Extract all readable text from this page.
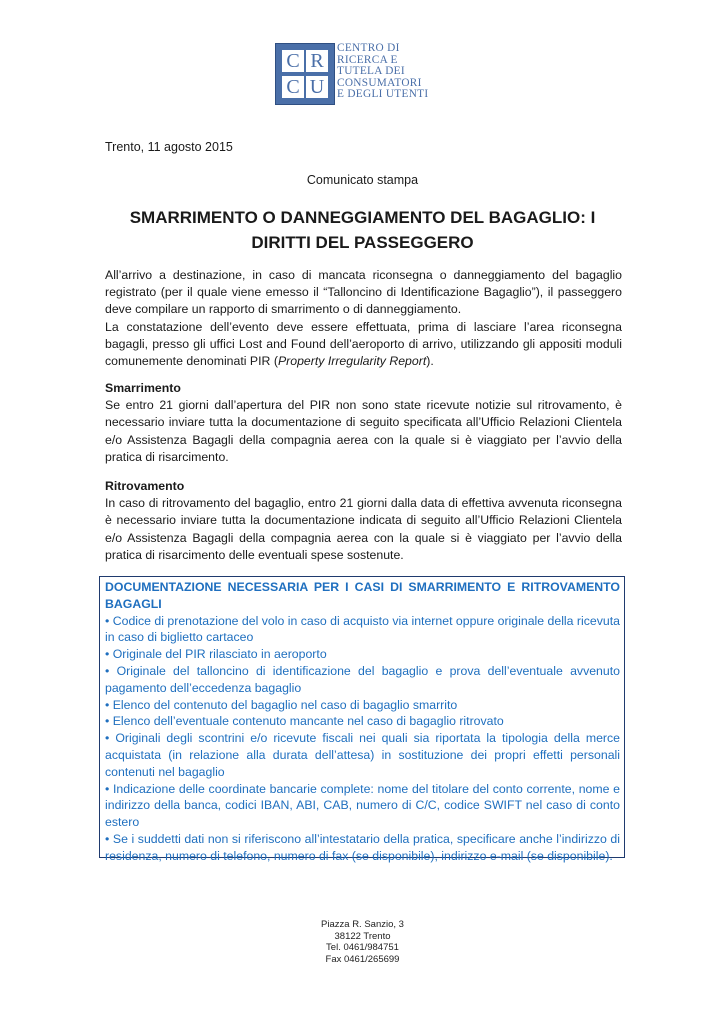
C R
C U
CENTRO DI
RICERCA E
TUTELA DEI
CONSUMATORI
E DEGLI UTENTI
Trento, 11 agosto 2015
Comunicato stampa
SMARRIMENTO O DANNEGGIAMENTO DEL BAGAGLIO: I DIRITTI DEL PASSEGGERO

All’arrivo a destinazione, in caso di mancata riconsegna o danneggiamento del bagaglio registrato (per il quale viene emesso il “Talloncino di Identificazione Bagaglio”), il passeggero deve compilare un rapporto di smarrimento o di danneggiamento.

La constatazione dell’evento deve essere effettuata, prima di lasciare l’area riconsegna bagagli, presso gli uffici Lost and Found dell’aeroporto di arrivo, utilizzando gli appositi moduli comunemente denominati PIR (Property Irregularity Report).

Smarrimento

Se entro 21 giorni dall’apertura del PIR non sono state ricevute notizie sul ritrovamento, è necessario inviare tutta la documentazione di seguito specificata all’Ufficio Relazioni Clientela e/o Assistenza Bagagli della compagnia aerea con la quale si è viaggiato per l’avvio della pratica di risarcimento.

Ritrovamento

In caso di ritrovamento del bagaglio, entro 21 giorni dalla data di effettiva avvenuta riconsegna è necessario inviare tutta la documentazione indicata di seguito all’Ufficio Relazioni Clientela e/o Assistenza Bagagli della compagnia aerea con la quale si è viaggiato per l’avvio della pratica di risarcimento delle eventuali spese sostenute.

DOCUMENTAZIONE NECESSARIA PER I CASI DI SMARRIMENTO E RITROVAMENTO BAGAGLI

• Codice di prenotazione del volo in caso di acquisto via internet oppure originale della ricevuta in caso di biglietto cartaceo

• Originale del PIR rilasciato in aeroporto

• Originale del talloncino di identificazione del bagaglio e prova dell’eventuale avvenuto pagamento dell’eccedenza bagaglio

• Elenco del contenuto del bagaglio nel caso di bagaglio smarrito

• Elenco dell’eventuale contenuto mancante nel caso di bagaglio ritrovato

• Originali degli scontrini e/o ricevute fiscali nei quali sia riportata la tipologia della merce acquistata (in relazione alla durata dell’attesa) in sostituzione dei propri effetti personali contenuti nel bagaglio

• Indicazione delle coordinate bancarie complete: nome del titolare del conto corrente, nome e indirizzo della banca, codici IBAN, ABI, CAB, numero di C/C, codice SWIFT nel caso di conto estero

• Se i suddetti dati non si riferiscono all’intestatario della pratica, specificare anche l’indirizzo di residenza, numero di telefono, numero di fax (se disponibile), indirizzo e-mail (se disponibile).

Piazza R. Sanzio, 3
38122 Trento
Tel. 0461/984751
Fax 0461/265699
